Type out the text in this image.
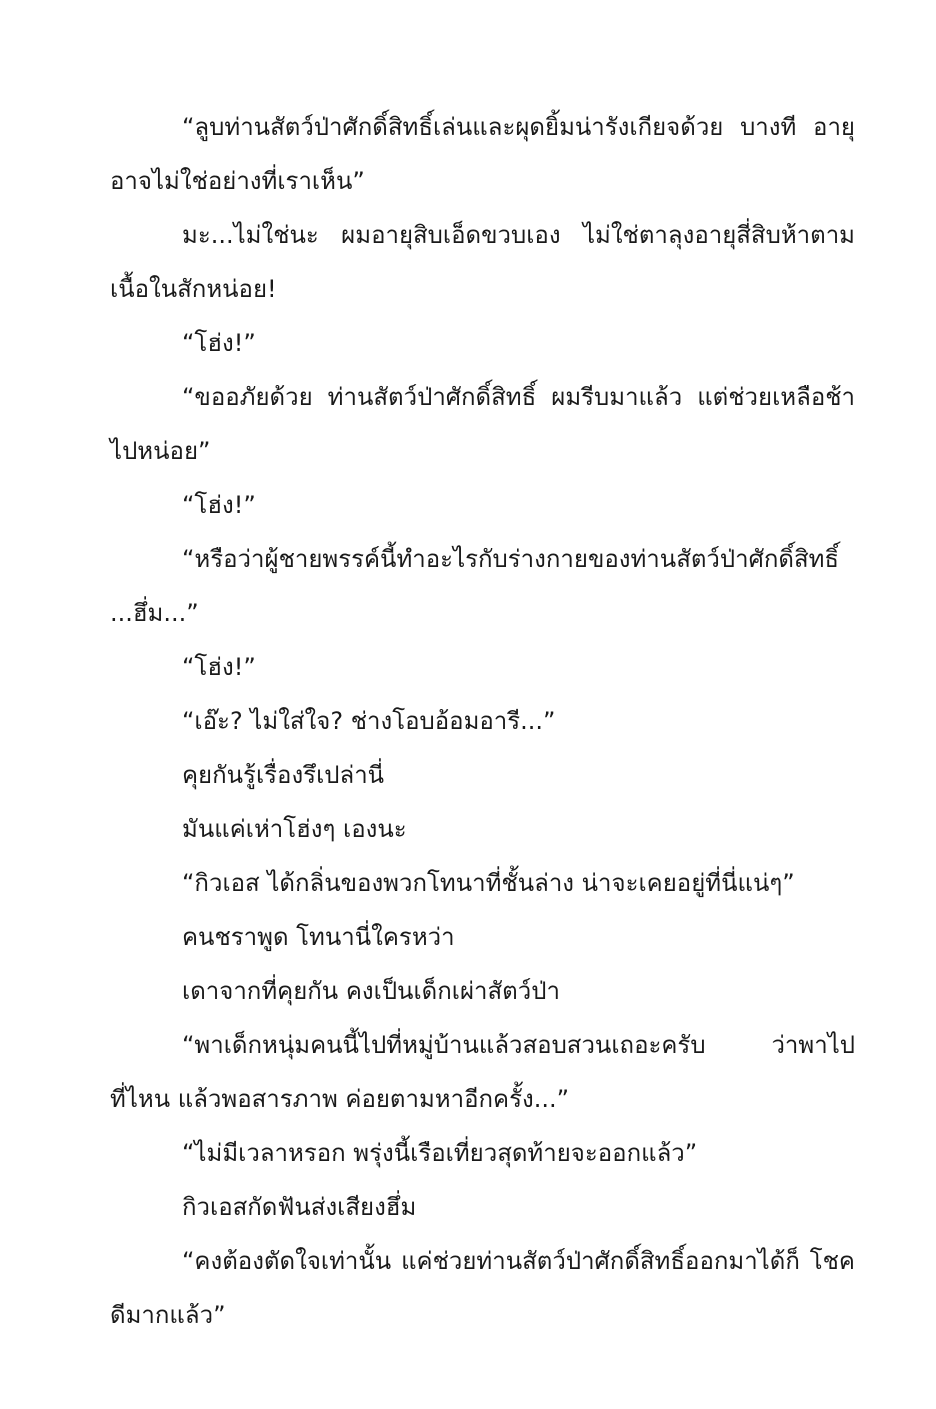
“ลูบท่านสัตว์ป่าศักดิ์สิทธิ์เล่นและผุดยิ้มน่ารังเกียจด้วย บางที อายุอาจไม่ใช่อย่างที่เราเห็น”

มะ...ไม่ใช่นะ ผมอายุสิบเอ็ดขวบเอง ไม่ใช่ตาลุงอายุสี่สิบห้าตาม เนื้อในสักหน่อย!

“โฮ่ง!”

“ขออภัยด้วย ท่านสัตว์ป่าศักดิ์สิทธิ์ ผมรีบมาแล้ว แต่ช่วยเหลือช้า ไปหน่อย”

“โฮ่ง!”

“หรือว่าผู้ชายพรรค์นี้ทำอะไรกับร่างกายของท่านสัตว์ป่าศักดิ์สิทธิ์ ...ฮึ่ม...”

“โฮ่ง!”

“เอ๊ะ? ไม่ใส่ใจ? ช่างโอบอ้อมอารี...”

คุยกันรู้เรื่องรึเปล่านี่

มันแค่เห่าโฮ่งๆ เองนะ

“กิวเอส ได้กลิ่นของพวกโทนาที่ชั้นล่าง น่าจะเคยอยู่ที่นี่แน่ๆ”

คนชราพูด โทนานี่ใครหว่า

เดาจากที่คุยกัน คงเป็นเด็กเผ่าสัตว์ป่า

“พาเด็กหนุ่มคนนี้ไปที่หมู่บ้านแล้วสอบสวนเถอะครับ ว่าพาไป ที่ไหน แล้วพอสารภาพ ค่อยตามหาอีกครั้ง...”

“ไม่มีเวลาหรอก พรุ่งนี้เรือเที่ยวสุดท้ายจะออกแล้ว”

กิวเอสกัดฟันส่งเสียงฮึ่ม

“คงต้องตัดใจเท่านั้น แค่ช่วยท่านสัตว์ป่าศักดิ์สิทธิ์ออกมาได้ก็ โชคดีมากแล้ว”
